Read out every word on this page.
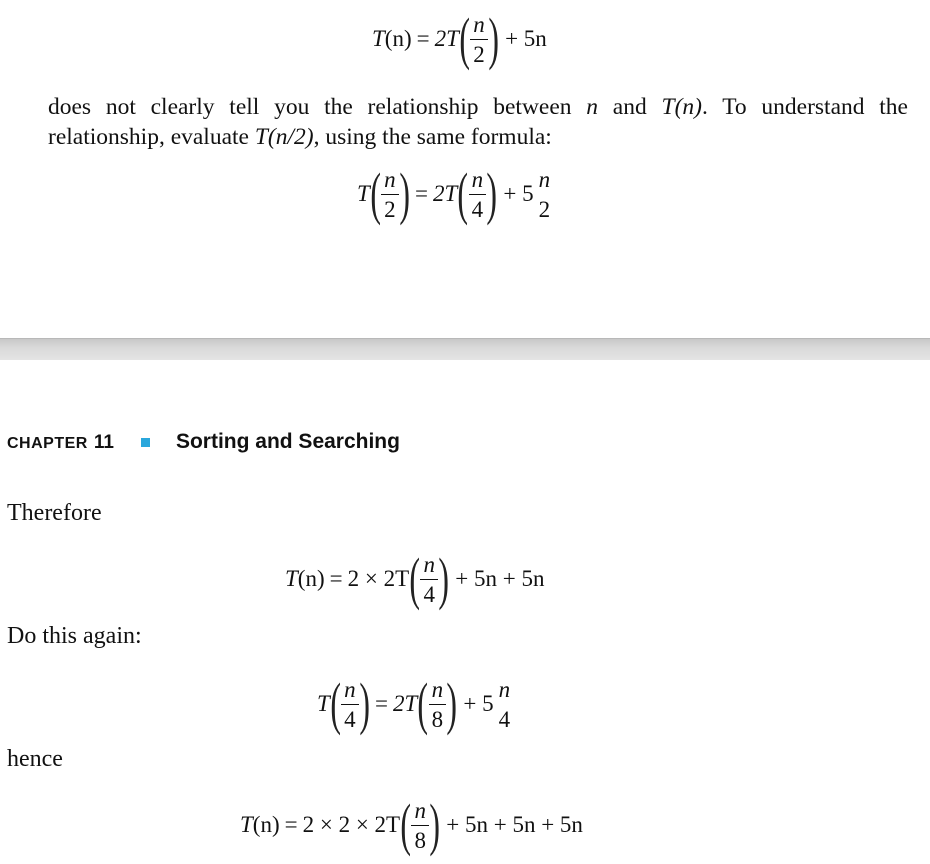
T (n) = 2T ( $\frac{n}{2}$ ) + 5n

does not clearly tell you the relationship between n and T(n). To understand the relationship, evaluate T(n/2), using the same formula:

T ( $\frac{n}{2}$ ) = 2T ( $\frac{n}{4}$ ) + 5
n
2
CHAPTER 11	Sorting and Searching
Therefore
T (n) = 2 × 2T ( $\frac{n}{4}$ ) + 5n + 5n
Do this again:
T ( $\frac{n}{4}$ ) = 2T ( $\frac{n}{8}$ ) + 5
n
4
hence
T (n) = 2 × 2 × 2T ( $\frac{n}{8}$ ) + 5n + 5n + 5n
